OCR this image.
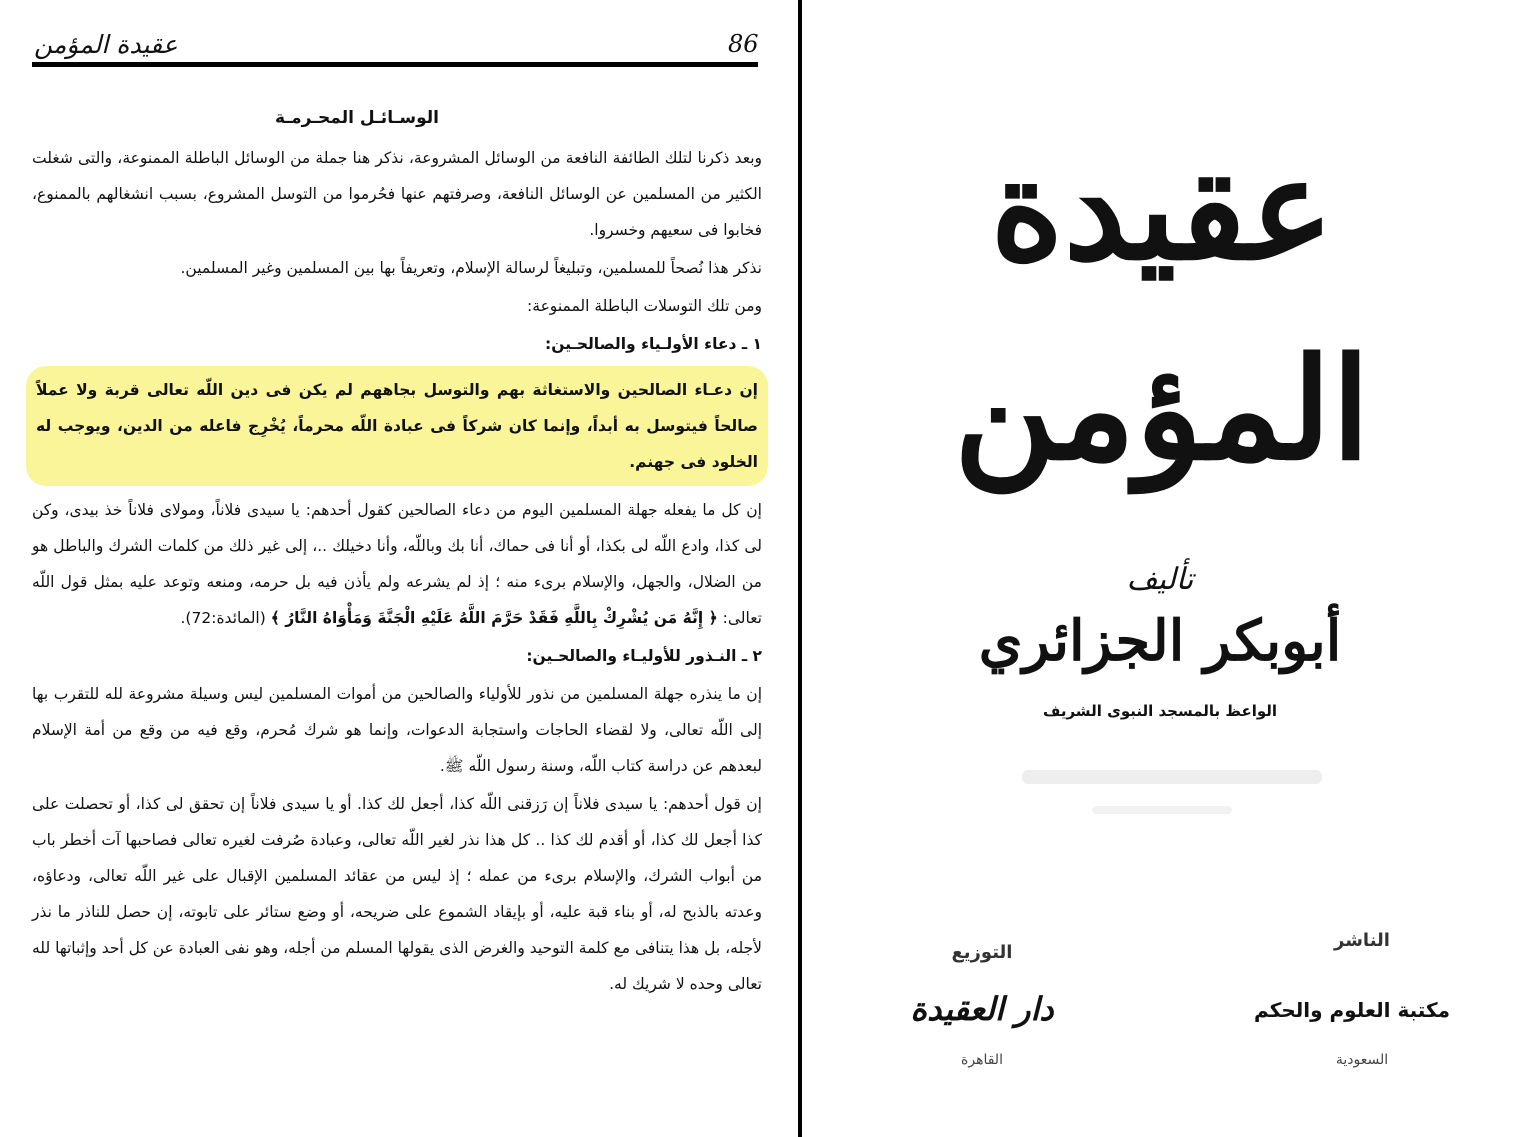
عقيدة المؤمن	86

الوسـائـل المحـرمـة

وبعد ذكرنا لتلك الطائفة النافعة من الوسائل المشروعة، نذكر هنا جملة من الوسائل الباطلة الممنوعة، والتى شغلت الكثير من المسلمين عن الوسائل النافعة، وصرفتهم عنها فحُرموا من التوسل المشروع، بسبب انشغالهم بالممنوع، فخابوا فى سعيهم وخسروا.

نذكر هذا نُصحاً للمسلمين، وتبليغاً لرسالة الإسلام، وتعريفاً بها بين المسلمين وغير المسلمين.

ومن تلك التوسلات الباطلة الممنوعة:

١ ـ دعاء الأولـياء والصالحـين:

إن دعـاء الصالحين والاستغاثة بهم والتوسل بجاههم لم يكن فى دين اللّه تعالى قربة ولا عملاً صالحاً فيتوسل به أبداً، وإنما كان شركاً فى عبادة اللّه محرماً، يُخْرِج فاعله من الدين، ويوجب له الخلود فى جهنم.

إن كل ما يفعله جهلة المسلمين اليوم من دعاء الصالحين كقول أحدهم: يا سيدى فلاناً، ومولاى فلاناً خذ بيدى، وكن لى كذا، وادع اللّه لى بكذا، أو أنا فى حماك، أنا بك وباللّه، وأنا دخيلك ..، إلى غير ذلك من كلمات الشرك والباطل هو من الضلال، والجهل، والإسلام برىء منه ؛ إذ لم يشرعه ولم يأذن فيه بل حرمه، ومنعه وتوعد عليه بمثل قول اللّه تعالى: ﴿ إِنَّهُ مَن يُشْرِكْ بِاللَّهِ فَقَدْ حَرَّمَ اللَّهُ عَلَيْهِ الْجَنَّةَ وَمَأْوَاهُ النَّارُ ﴾ (المائدة:72).

٢ ـ النـذور للأوليـاء والصالحـين:

إن ما ينذره جهلة المسلمين من نذور للأولياء والصالحين من أموات المسلمين ليس وسيلة مشروعة لله للتقرب بها إلى اللّه تعالى، ولا لقضاء الحاجات واستجابة الدعوات، وإنما هو شرك مُحرم، وقع فيه من وقع من أمة الإسلام لبعدهم عن دراسة كتاب اللّه، وسنة رسول اللّه ﷺ.

إن قول أحدهم: يا سيدى فلاناً إن رَزقنى اللّه كذا، أجعل لك كذا. أو يا سيدى فلاناً إن تحقق لى كذا، أو تحصلت على كذا أجعل لك كذا، أو أقدم لك كذا .. كل هذا نذر لغير اللّه تعالى، وعبادة صُرفت لغيره تعالى فصاحبها آت أخطر باب من أبواب الشرك، والإسلام برىء من عمله ؛ إذ ليس من عقائد المسلمين الإقبال على غير اللّه تعالى، ودعاؤه، وعدته بالذبح له، أو بناء قبة عليه، أو بإيقاد الشموع على ضريحه، أو وضع ستائر على تابوته، إن حصل للناذر ما نذر لأجله، بل هذا يتنافى مع كلمة التوحيد والغرض الذى يقولها المسلم من أجله، وهو نفى العبادة عن كل أحد وإثباتها لله تعالى وحده لا شريك له.

عقيدة المؤمن
تأليف
أبوبكر الجزائري
الواعظ بالمسجد النبوى الشريف
الناشر
التوزيع
مكتبة العلوم والحكم
دار العقيدة
السعودية
القاهرة
